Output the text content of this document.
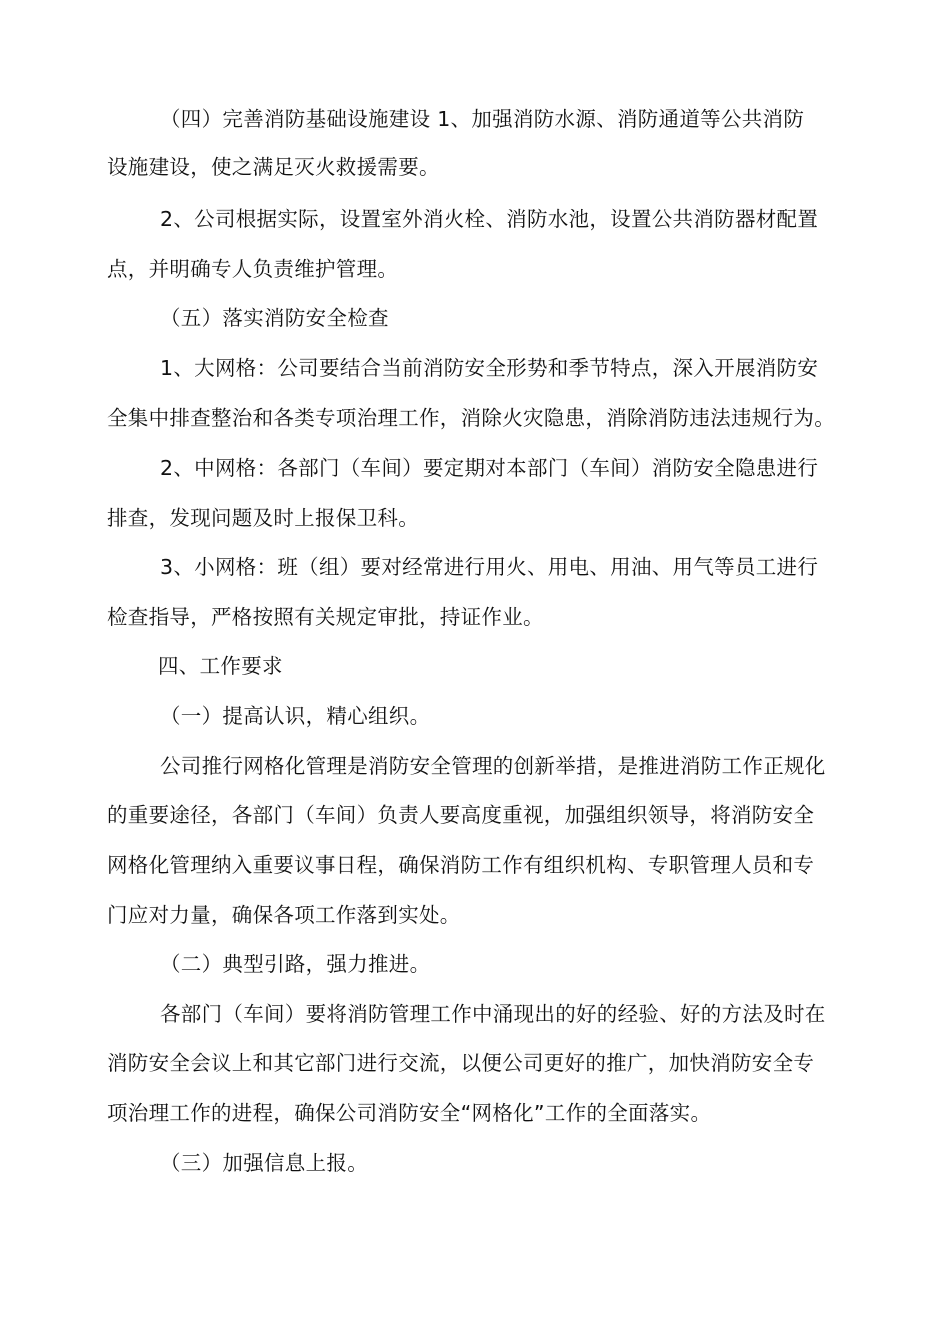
（四）完善消防基础设施建设 1、加强消防水源、消防通道等公共消防
设施建设，使之满足灭火救援需要。
2、公司根据实际，设置室外消火栓、消防水池，设置公共消防器材配置
点，并明确专人负责维护管理。
（五）落实消防安全检查
1、大网格：公司要结合当前消防安全形势和季节特点，深入开展消防安
全集中排查整治和各类专项治理工作，消除火灾隐患，消除消防违法违规行为。
2、中网格：各部门（车间）要定期对本部门（车间）消防安全隐患进行
排查，发现问题及时上报保卫科。
3、小网格：班（组）要对经常进行用火、用电、用油、用气等员工进行
检查指导，严格按照有关规定审批，持证作业。
四、工作要求
（一）提高认识，精心组织。
公司推行网格化管理是消防安全管理的创新举措，是推进消防工作正规化
的重要途径，各部门（车间）负责人要高度重视，加强组织领导，将消防安全
网格化管理纳入重要议事日程，确保消防工作有组织机构、专职管理人员和专
门应对力量，确保各项工作落到实处。
（二）典型引路，强力推进。
各部门（车间）要将消防管理工作中涌现出的好的经验、好的方法及时在
消防安全会议上和其它部门进行交流，以便公司更好的推广，加快消防安全专
项治理工作的进程，确保公司消防安全“网格化”工作的全面落实。
（三）加强信息上报。
